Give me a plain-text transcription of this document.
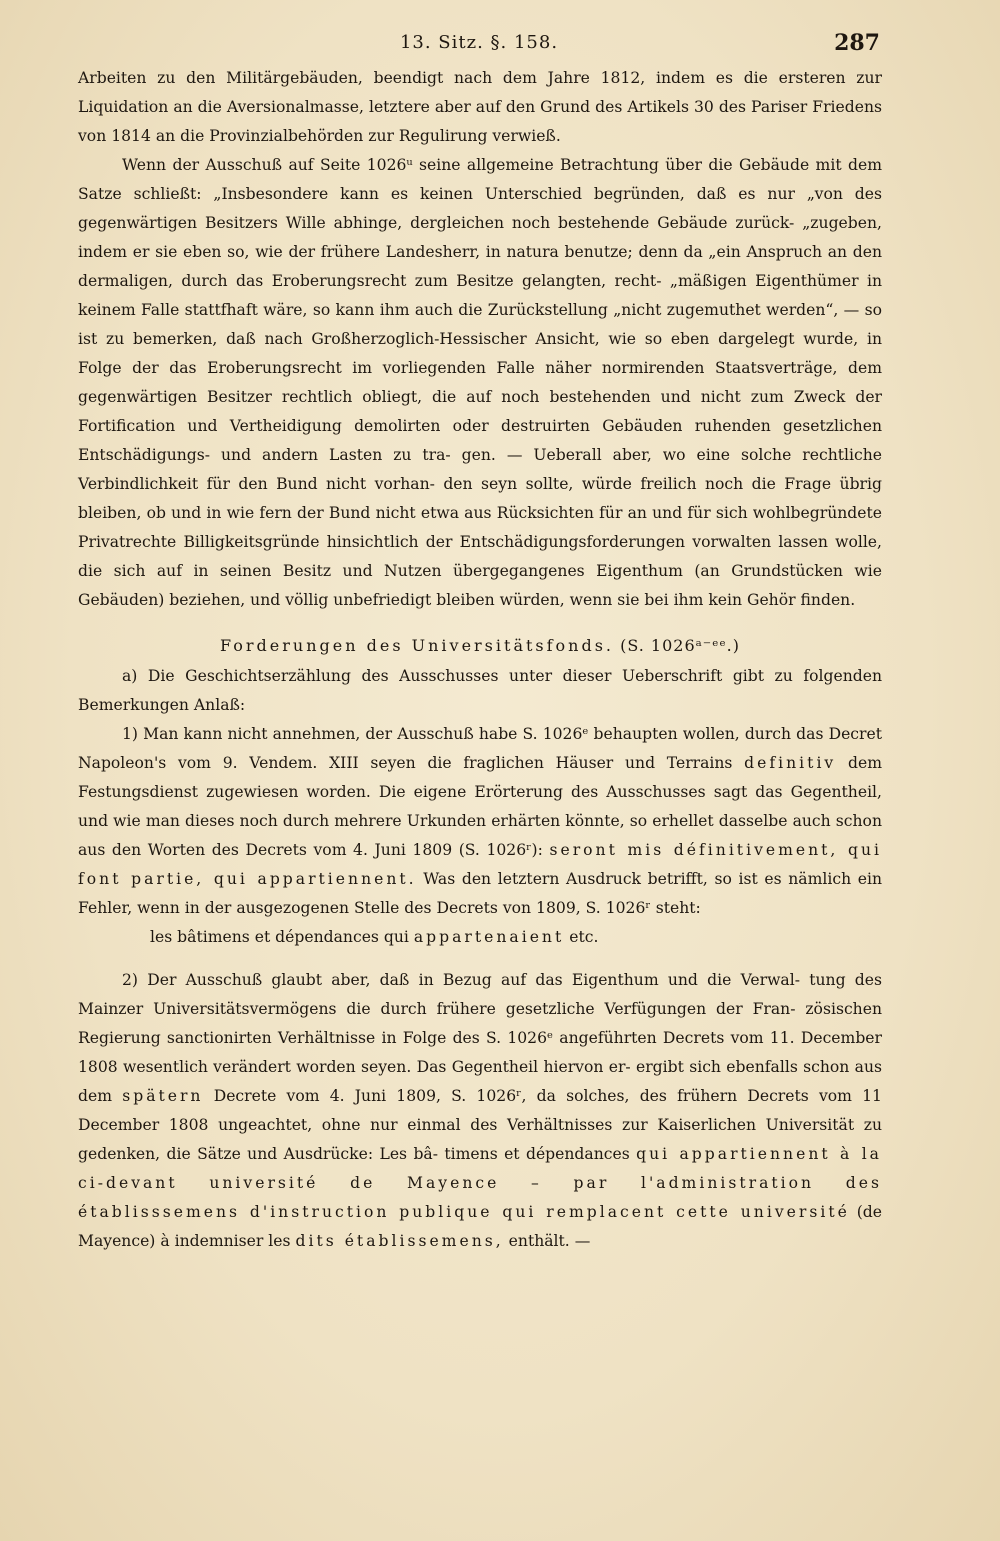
13. Sitz. §. 158.	287

Arbeiten zu den Militärgebäuden, beendigt nach dem Jahre 1812, indem es die ersteren zur Liquidation an die Aversionalmasse, letztere aber auf den Grund des Artikels 30 des Pariser Friedens von 1814 an die Provinzialbehörden zur Regulirung verwieß.

Wenn der Ausschuß auf Seite 1026ᵘ seine allgemeine Betrachtung über die Gebäude mit dem Satze schließt: „Insbesondere kann es keinen Unterschied begründen, daß es nur „von des gegenwärtigen Besitzers Wille abhinge, dergleichen noch bestehende Gebäude zurück- „zugeben, indem er sie eben so, wie der frühere Landesherr, in natura benutze; denn da „ein Anspruch an den dermaligen, durch das Eroberungsrecht zum Besitze gelangten, recht- „mäßigen Eigenthümer in keinem Falle stattfhaft wäre, so kann ihm auch die Zurückstellung „nicht zugemuthet werden“, — so ist zu bemerken, daß nach Großherzoglich-Hessischer Ansicht, wie so eben dargelegt wurde, in Folge der das Eroberungsrecht im vorliegenden Falle näher normirenden Staatsverträge, dem gegenwärtigen Besitzer rechtlich obliegt, die auf noch bestehenden und nicht zum Zweck der Fortification und Vertheidigung demolirten oder destruirten Gebäuden ruhenden gesetzlichen Entschädigungs- und andern Lasten zu tra- gen. — Ueberall aber, wo eine solche rechtliche Verbindlichkeit für den Bund nicht vorhan- den seyn sollte, würde freilich noch die Frage übrig bleiben, ob und in wie fern der Bund nicht etwa aus Rücksichten für an und für sich wohlbegründete Privatrechte Billigkeitsgründe hinsichtlich der Entschädigungsforderungen vorwalten lassen wolle, die sich auf in seinen Besitz und Nutzen übergegangenes Eigenthum (an Grundstücken wie Gebäuden) beziehen, und völlig unbefriedigt bleiben würden, wenn sie bei ihm kein Gehör finden.

Forderungen des Universitätsfonds. (S. 1026ᵃ⁻ᵉᵉ.)

a) Die Geschichtserzählung des Ausschusses unter dieser Ueberschrift gibt zu folgenden Bemerkungen Anlaß:

1) Man kann nicht annehmen, der Ausschuß habe S. 1026ᵉ behaupten wollen, durch das Decret Napoleon's vom 9. Vendem. XIII seyen die fraglichen Häuser und Terrains definitiv dem Festungsdienst zugewiesen worden. Die eigene Erörterung des Ausschusses sagt das Gegentheil, und wie man dieses noch durch mehrere Urkunden erhärten könnte, so erhellet dasselbe auch schon aus den Worten des Decrets vom 4. Juni 1809 (S. 1026ʳ): seront mis définitivement, qui font partie, qui appartiennent. Was den letztern Ausdruck betrifft, so ist es nämlich ein Fehler, wenn in der ausgezogenen Stelle des Decrets von 1809, S. 1026ʳ steht:

les bâtimens et dépendances qui appartenaient etc.

2) Der Ausschuß glaubt aber, daß in Bezug auf das Eigenthum und die Verwal- tung des Mainzer Universitätsvermögens die durch frühere gesetzliche Verfügungen der Fran- zösischen Regierung sanctionirten Verhältnisse in Folge des S. 1026ᵉ angeführten Decrets vom 11. December 1808 wesentlich verändert worden seyen. Das Gegentheil hiervon er- ergibt sich ebenfalls schon aus dem spätern Decrete vom 4. Juni 1809, S. 1026ʳ, da solches, des frühern Decrets vom 11 December 1808 ungeachtet, ohne nur einmal des Verhältnisses zur Kaiserlichen Universität zu gedenken, die Sätze und Ausdrücke: Les bâ- timens et dépendances qui appartiennent à la ci-devant université de Mayence – par l'administration des établisssemens d'instruction publique qui remplacent cette université (de Mayence) à indemniser les dits établissemens, enthält. —
